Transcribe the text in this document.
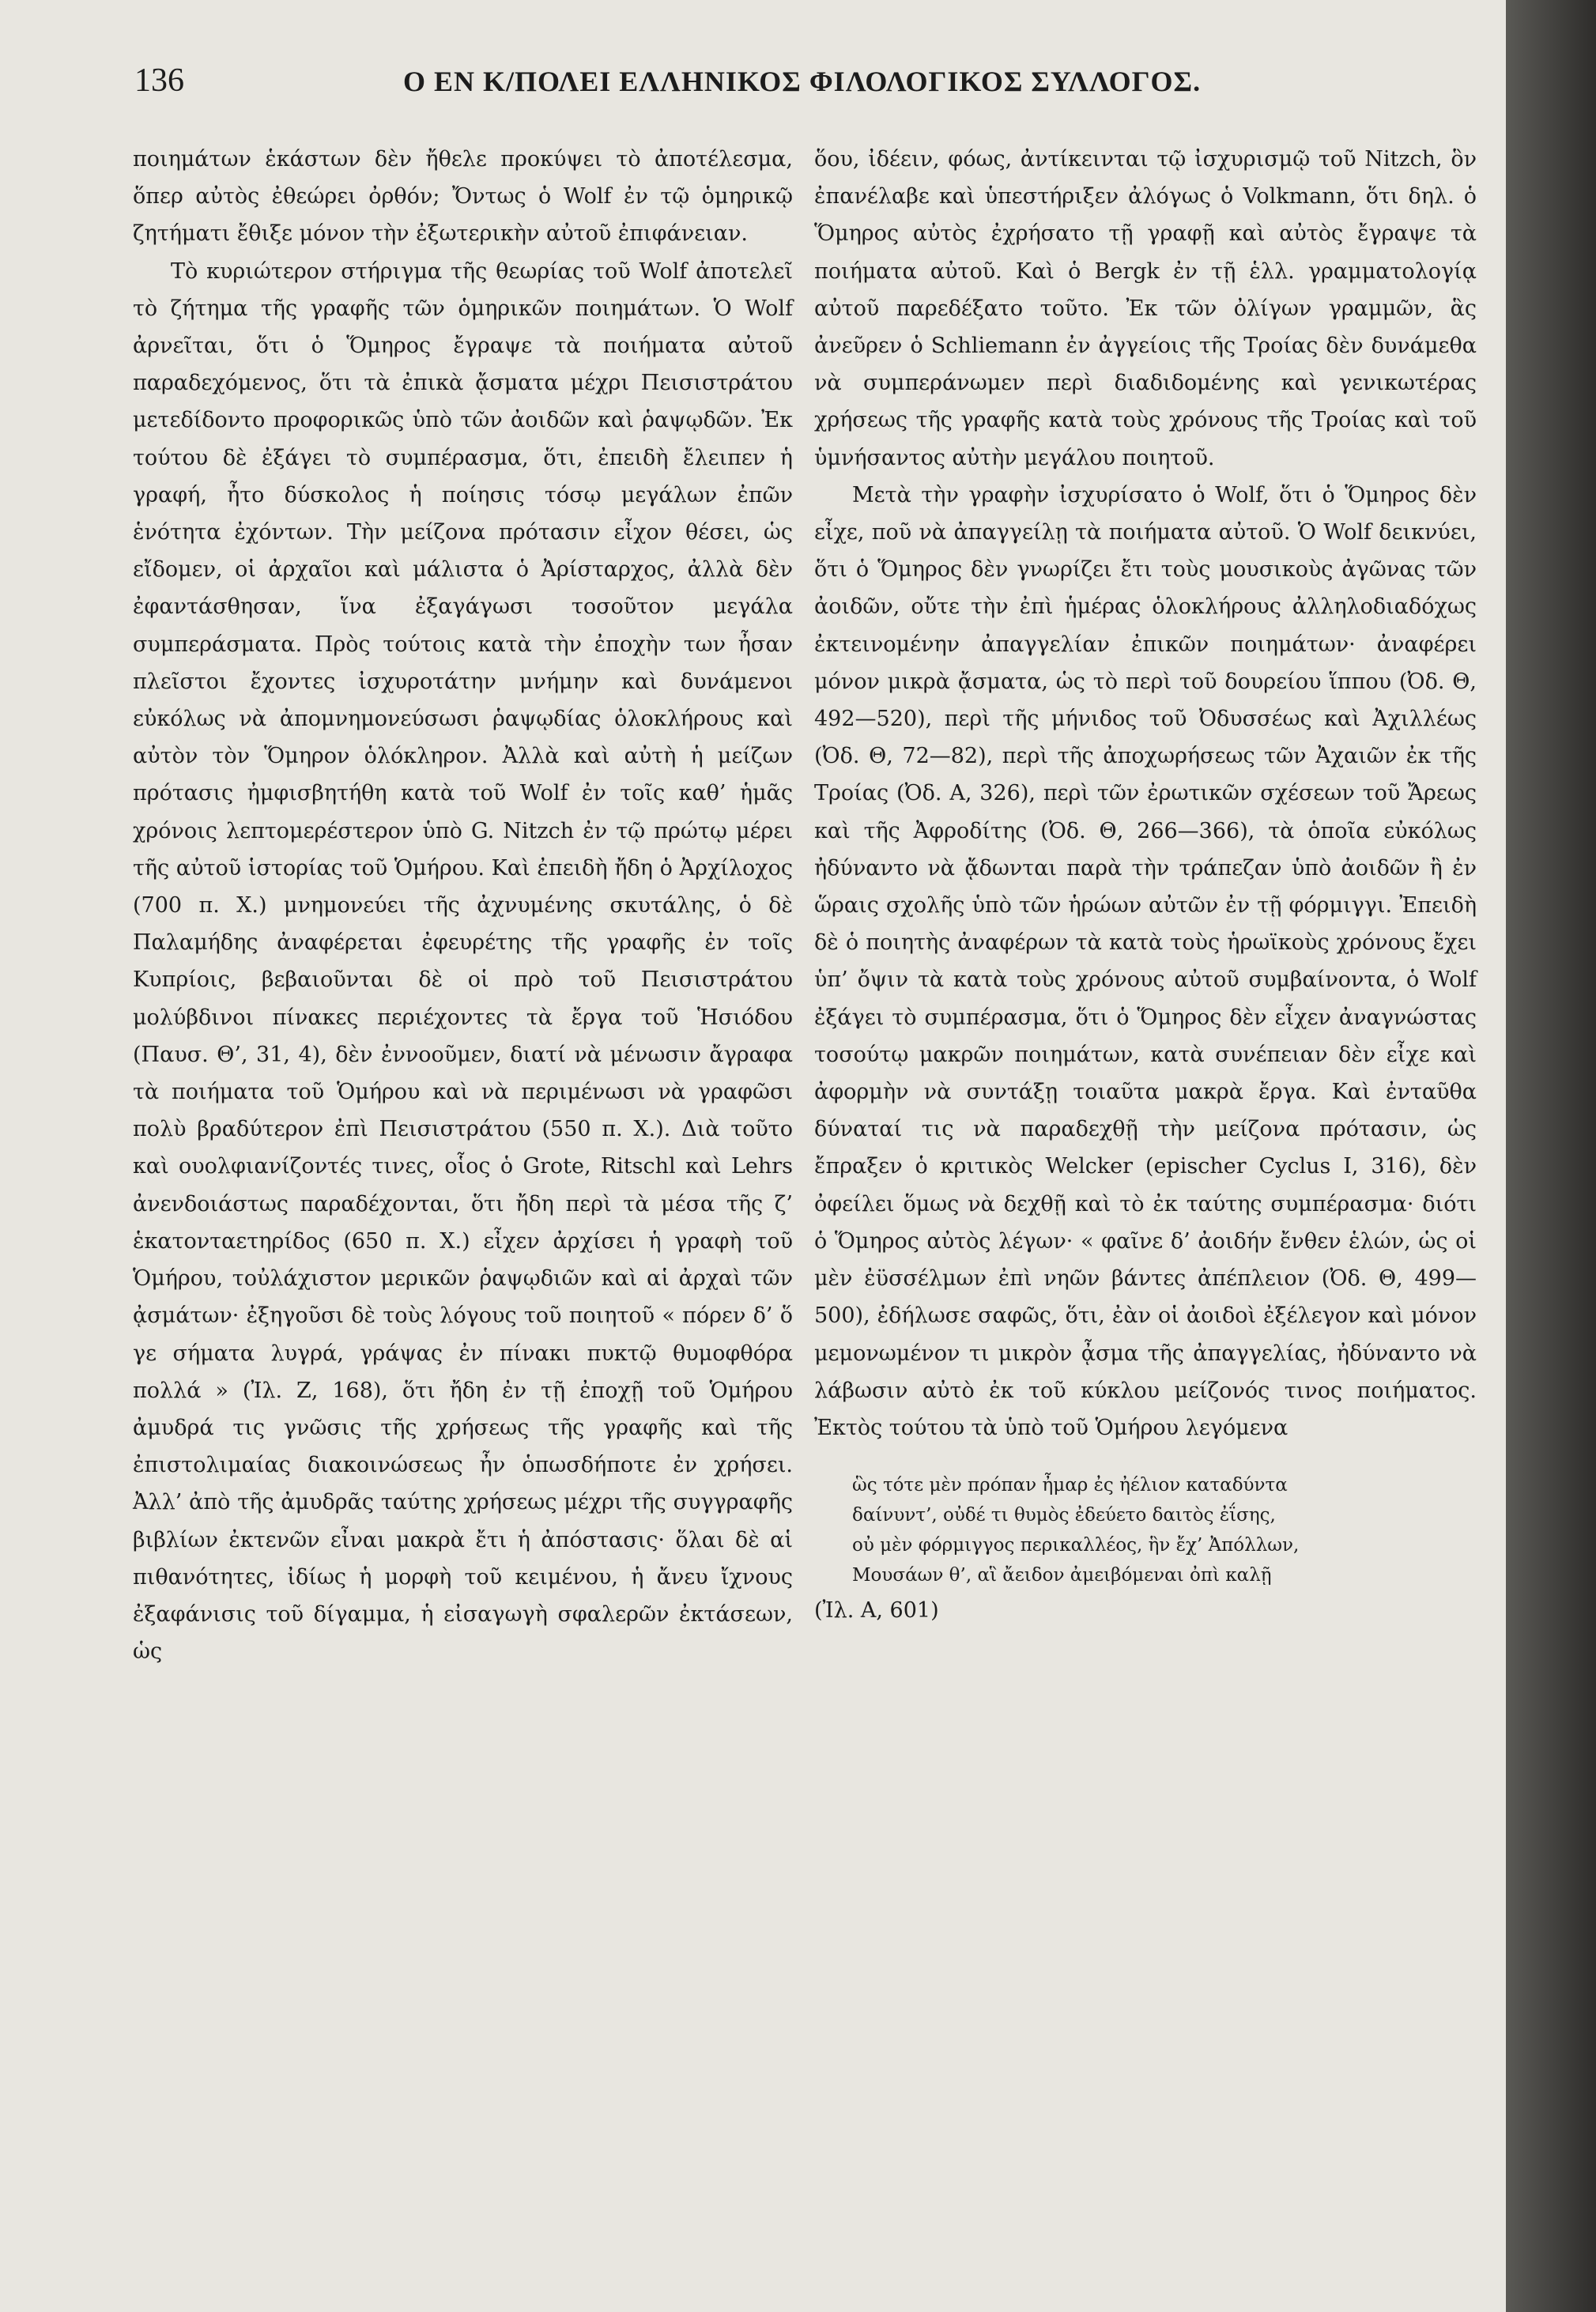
136	Ο ΕΝ Κ/ΠΟΛΕΙ ΕΛΛΗΝΙΚΟΣ ΦΙΛΟΛΟΓΙΚΟΣ ΣΥΛΛΟΓΟΣ.

ποιημάτων ἑκάστων δὲν ἤθελε προκύψει τὸ ἀποτέλεσμα, ὅπερ αὐτὸς ἐθεώρει ὀρθόν; Ὄντως ὁ Wolf ἐν τῷ ὁμηρικῷ ζητήματι ἔθιξε μόνον τὴν ἐξωτερικὴν αὐτοῦ ἐπιφάνειαν.

Τὸ κυριώτερον στήριγμα τῆς θεωρίας τοῦ Wolf ἀποτελεῖ τὸ ζήτημα τῆς γραφῆς τῶν ὁμηρικῶν ποιημάτων. Ὁ Wolf ἀρνεῖται, ὅτι ὁ Ὅμηρος ἔγραψε τὰ ποιήματα αὐτοῦ παραδεχόμενος, ὅτι τὰ ἐπικὰ ᾄσματα μέχρι Πεισιστράτου μετεδίδοντο προφορικῶς ὑπὸ τῶν ἀοιδῶν καὶ ῥαψῳδῶν. Ἐκ τούτου δὲ ἐξάγει τὸ συμπέρασμα, ὅτι, ἐπειδὴ ἔλειπεν ἡ γραφή, ἦτο δύσκολος ἡ ποίησις τόσῳ μεγάλων ἐπῶν ἑνότητα ἐχόντων. Τὴν μείζονα πρότασιν εἶχον θέσει, ὡς εἴδομεν, οἱ ἀρχαῖοι καὶ μάλιστα ὁ Ἀρίσταρχος, ἀλλὰ δὲν ἐφαντάσθησαν, ἵνα ἐξαγάγωσι τοσοῦτον μεγάλα συμπεράσματα. Πρὸς τούτοις κατὰ τὴν ἐποχὴν των ἦσαν πλεῖστοι ἔχοντες ἰσχυροτάτην μνήμην καὶ δυνάμενοι εὐκόλως νὰ ἀπομνημονεύσωσι ῥαψῳδίας ὁλοκλήρους καὶ αὐτὸν τὸν Ὅμηρον ὁλόκληρον. Ἀλλὰ καὶ αὐτὴ ἡ μείζων πρότασις ἠμφισβητήθη κατὰ τοῦ Wolf ἐν τοῖς καθ’ ἡμᾶς χρόνοις λεπτομερέστερον ὑπὸ G. Nitzch ἐν τῷ πρώτῳ μέρει τῆς αὐτοῦ ἱστορίας τοῦ Ὁμήρου. Καὶ ἐπειδὴ ἤδη ὁ Ἀρχίλοχος (700 π. Χ.) μνημονεύει τῆς ἀχνυμένης σκυτάλης, ὁ δὲ Παλαμήδης ἀναφέρεται ἐφευρέτης τῆς γραφῆς ἐν τοῖς Κυπρίοις, βεβαιοῦνται δὲ οἱ πρὸ τοῦ Πεισιστράτου μολύβδινοι πίνακες περιέχοντες τὰ ἔργα τοῦ Ἡσιόδου (Παυσ. Θ’, 31, 4), δὲν ἐννοοῦμεν, διατί νὰ μένωσιν ἄγραφα τὰ ποιήματα τοῦ Ὁμήρου καὶ νὰ περιμένωσι νὰ γραφῶσι πολὺ βραδύτερον ἐπὶ Πεισιστράτου (550 π. Χ.). Διὰ τοῦτο καὶ ουολφιανίζοντές τινες, οἷος ὁ Grote, Ritschl καὶ Lehrs ἀνενδοιάστως παραδέχονται, ὅτι ἤδη περὶ τὰ μέσα τῆς ζ’ ἑκατονταετηρίδος (650 π. Χ.) εἶχεν ἀρχίσει ἡ γραφὴ τοῦ Ὁμήρου, τοὐλάχιστον μερικῶν ῥαψῳδιῶν καὶ αἱ ἀρχαὶ τῶν ᾀσμάτων· ἐξηγοῦσι δὲ τοὺς λόγους τοῦ ποιητοῦ « πόρεν δ’ ὅ γε σήματα λυγρά, γράψας ἐν πίνακι πυκτῷ θυμοφθόρα πολλά » (Ἰλ. Ζ, 168), ὅτι ἤδη ἐν τῇ ἐποχῇ τοῦ Ὁμήρου ἀμυδρά τις γνῶσις τῆς χρήσεως τῆς γραφῆς καὶ τῆς ἐπιστολιμαίας διακοινώσεως ἦν ὁπωσδήποτε ἐν χρήσει. Ἀλλ’ ἀπὸ τῆς ἀμυδρᾶς ταύτης χρήσεως μέχρι τῆς συγγραφῆς βιβλίων ἐκτενῶν εἶναι μακρὰ ἔτι ἡ ἀπόστασις· ὅλαι δὲ αἱ πιθανότητες, ἰδίως ἡ μορφὴ τοῦ κειμένου, ἡ ἄνευ ἴχνους ἐξαφάνισις τοῦ δίγαμμα, ἡ εἰσαγωγὴ σφαλερῶν ἐκτάσεων, ὡς

ὅου, ἰδέειν, φόως, ἀντίκεινται τῷ ἰσχυρισμῷ τοῦ Nitzch, ὃν ἐπανέλαβε καὶ ὑπεστήριξεν ἀλόγως ὁ Volkmann, ὅτι δηλ. ὁ Ὅμηρος αὐτὸς ἐχρήσατο τῇ γραφῇ καὶ αὐτὸς ἔγραψε τὰ ποιήματα αὐτοῦ. Καὶ ὁ Bergk ἐν τῇ ἑλλ. γραμματολογίᾳ αὐτοῦ παρεδέξατο τοῦτο. Ἐκ τῶν ὀλίγων γραμμῶν, ἃς ἀνεῦρεν ὁ Schliemann ἐν ἀγγείοις τῆς Τροίας δὲν δυνάμεθα νὰ συμπεράνωμεν περὶ διαδιδομένης καὶ γενικωτέρας χρήσεως τῆς γραφῆς κατὰ τοὺς χρόνους τῆς Τροίας καὶ τοῦ ὑμνήσαντος αὐτὴν μεγάλου ποιητοῦ.

Μετὰ τὴν γραφὴν ἰσχυρίσατο ὁ Wolf, ὅτι ὁ Ὅμηρος δὲν εἶχε, ποῦ νὰ ἀπαγγείλῃ τὰ ποιήματα αὐτοῦ. Ὁ Wolf δεικνύει, ὅτι ὁ Ὅμηρος δὲν γνωρίζει ἔτι τοὺς μουσικοὺς ἀγῶνας τῶν ἀοιδῶν, οὔτε τὴν ἐπὶ ἡμέρας ὁλοκλήρους ἀλληλοδιαδόχως ἐκτεινομένην ἀπαγγελίαν ἐπικῶν ποιημάτων· ἀναφέρει μόνον μικρὰ ᾄσματα, ὡς τὸ περὶ τοῦ δουρείου ἵππου (Ὀδ. Θ, 492—520), περὶ τῆς μήνιδος τοῦ Ὀδυσσέως καὶ Ἀχιλλέως (Ὀδ. Θ, 72—82), περὶ τῆς ἀποχωρήσεως τῶν Ἀχαιῶν ἐκ τῆς Τροίας (Ὀδ. Α, 326), περὶ τῶν ἐρωτικῶν σχέσεων τοῦ Ἄρεως καὶ τῆς Ἀφροδίτης (Ὀδ. Θ, 266—366), τὰ ὁποῖα εὐκόλως ἠδύναντο νὰ ᾄδωνται παρὰ τὴν τράπεζαν ὑπὸ ἀοιδῶν ἢ ἐν ὥραις σχολῆς ὑπὸ τῶν ἡρώων αὐτῶν ἐν τῇ φόρμιγγι. Ἐπειδὴ δὲ ὁ ποιητὴς ἀναφέρων τὰ κατὰ τοὺς ἡρωϊκοὺς χρόνους ἔχει ὑπ’ ὄψιν τὰ κατὰ τοὺς χρόνους αὐτοῦ συμβαίνοντα, ὁ Wolf ἐξάγει τὸ συμπέρασμα, ὅτι ὁ Ὅμηρος δὲν εἶχεν ἀναγνώστας τοσούτῳ μακρῶν ποιημάτων, κατὰ συνέπειαν δὲν εἶχε καὶ ἀφορμὴν νὰ συντάξῃ τοιαῦτα μακρὰ ἔργα. Καὶ ἐνταῦθα δύναταί τις νὰ παραδεχθῇ τὴν μείζονα πρότασιν, ὡς ἔπραξεν ὁ κριτικὸς Welcker (epischer Cyclus I, 316), δὲν ὀφείλει ὅμως νὰ δεχθῇ καὶ τὸ ἐκ ταύτης συμπέρασμα· διότι ὁ Ὅμηρος αὐτὸς λέγων· « φαῖνε δ’ ἀοιδήν ἔνθεν ἑλών, ὡς οἱ μὲν ἐϋσσέλμων ἐπὶ νηῶν βάντες ἀπέπλειον (Ὀδ. Θ, 499—500), ἐδήλωσε σαφῶς, ὅτι, ἐὰν οἱ ἀοιδοὶ ἐξέλεγον καὶ μόνον μεμονωμένον τι μικρὸν ᾆσμα τῆς ἀπαγγελίας, ἠδύναντο νὰ λάβωσιν αὐτὸ ἐκ τοῦ κύκλου μείζονός τινος ποιήματος. Ἐκτὸς τούτου τὰ ὑπὸ τοῦ Ὁμήρου λεγόμενα

ὣς τότε μὲν πρόπαν ἦμαρ ἐς ἠέλιον καταδύντα
δαίνυντ’, οὐδέ τι θυμὸς ἐδεύετο δαιτὸς ἐΐσης,
οὐ μὲν φόρμιγγος περικαλλέος, ἣν ἔχ’ Ἀπόλλων,
Μουσάων θ’, αἳ ἄειδον ἀμειβόμεναι ὀπὶ καλῇ
(Ἰλ. Α, 601)
